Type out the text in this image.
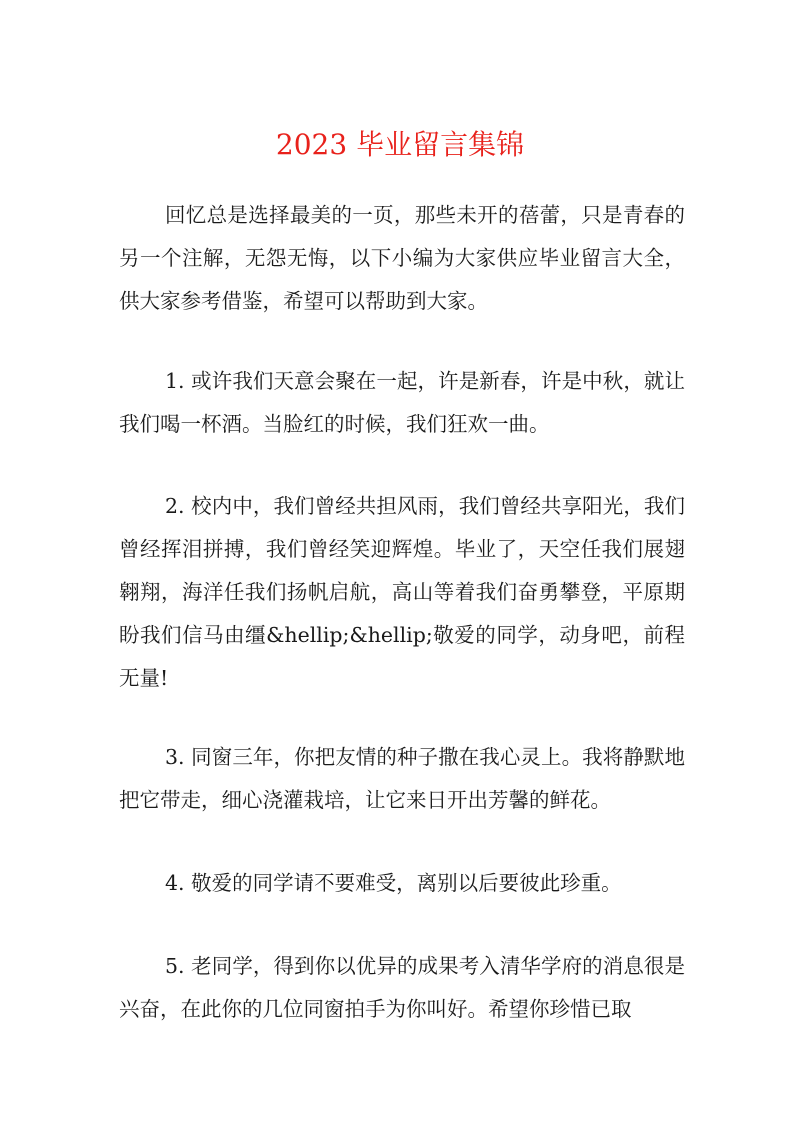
2023 毕业留言集锦

回忆总是选择最美的一页，那些未开的蓓蕾，只是青春的另一个注解，无怨无悔，以下小编为大家供应毕业留言大全，供大家参考借鉴，希望可以帮助到大家。

1. 或许我们天意会聚在一起，许是新春，许是中秋，就让我们喝一杯酒。当脸红的时候，我们狂欢一曲。

2. 校内中，我们曾经共担风雨，我们曾经共享阳光，我们曾经挥泪拼搏，我们曾经笑迎辉煌。毕业了，天空任我们展翅翱翔，海洋任我们扬帆启航，高山等着我们奋勇攀登，平原期盼我们信马由缰&hellip;&hellip;敬爱的同学，动身吧，前程无量!

3. 同窗三年，你把友情的种子撒在我心灵上。我将静默地把它带走，细心浇灌栽培，让它来日开出芳馨的鲜花。

4. 敬爱的同学请不要难受，离别以后要彼此珍重。

5. 老同学，得到你以优异的成果考入清华学府的消息很是兴奋，在此你的几位同窗拍手为你叫好。希望你珍惜已取
